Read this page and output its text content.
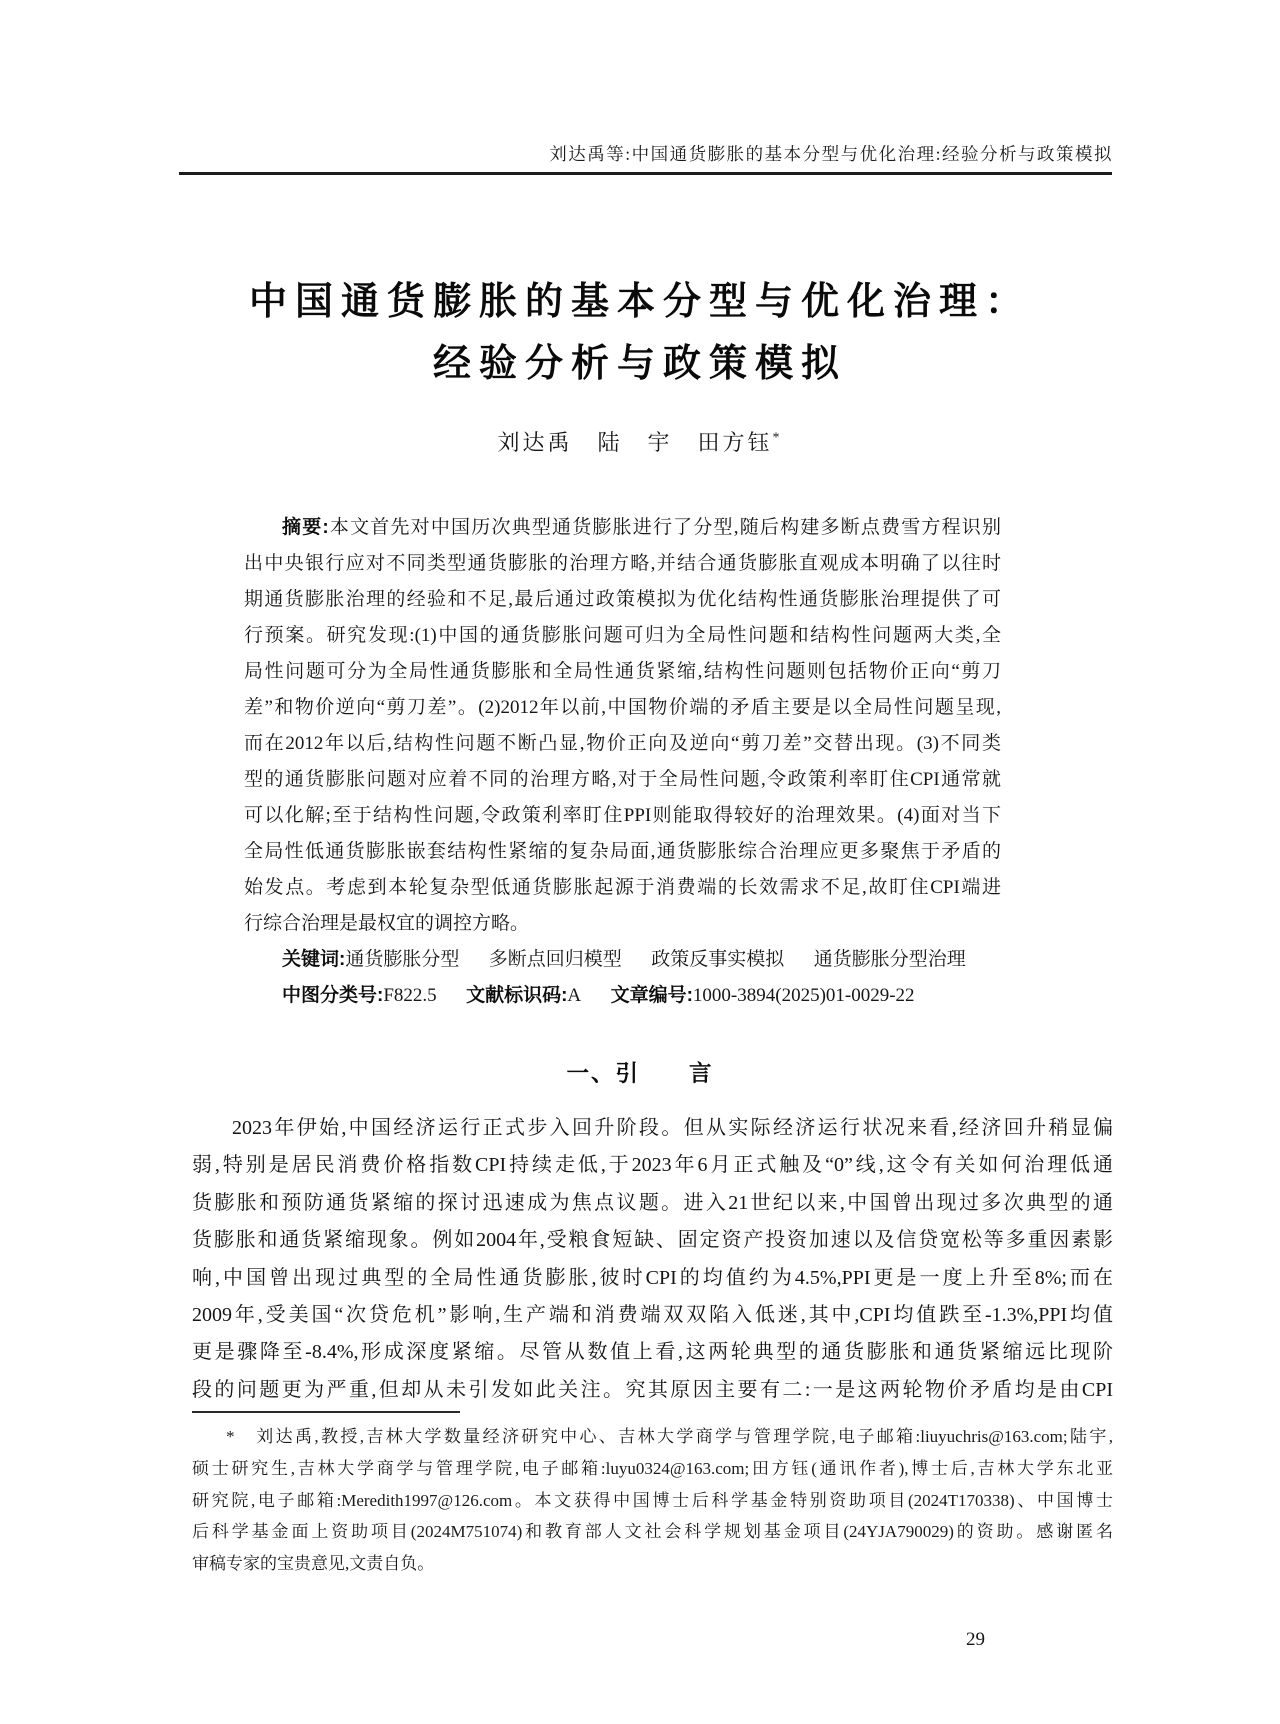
刘达禹等:中国通货膨胀的基本分型与优化治理:经验分析与政策模拟
中国通货膨胀的基本分型与优化治理：
经验分析与政策模拟
刘达禹　陆　宇　田方钰*
摘要:本文首先对中国历次典型通货膨胀进行了分型,随后构建多断点费雪方程识别
出中央银行应对不同类型通货膨胀的治理方略,并结合通货膨胀直观成本明确了以往时
期通货膨胀治理的经验和不足,最后通过政策模拟为优化结构性通货膨胀治理提供了可
行预案。研究发现:(1)中国的通货膨胀问题可归为全局性问题和结构性问题两大类,全
局性问题可分为全局性通货膨胀和全局性通货紧缩,结构性问题则包括物价正向“剪刀
差”和物价逆向“剪刀差”。(2)2012年以前,中国物价端的矛盾主要是以全局性问题呈现,
而在2012年以后,结构性问题不断凸显,物价正向及逆向“剪刀差”交替出现。(3)不同类
型的通货膨胀问题对应着不同的治理方略,对于全局性问题,令政策利率盯住CPI通常就
可以化解;至于结构性问题,令政策利率盯住PPI则能取得较好的治理效果。(4)面对当下
全局性低通货膨胀嵌套结构性紧缩的复杂局面,通货膨胀综合治理应更多聚焦于矛盾的
始发点。考虑到本轮复杂型低通货膨胀起源于消费端的长效需求不足,故盯住CPI端进
行综合治理是最权宜的调控方略。
关键词:通货膨胀分型 多断点回归模型 政策反事实模拟 通货膨胀分型治理
中图分类号:F822.5 文献标识码:A 文章编号:1000-3894(2025)01-0029-22
一、引　　言
2023年伊始,中国经济运行正式步入回升阶段。但从实际经济运行状况来看,经济回升稍显偏
弱,特别是居民消费价格指数CPI持续走低,于2023年6月正式触及“0”线,这令有关如何治理低通
货膨胀和预防通货紧缩的探讨迅速成为焦点议题。进入21世纪以来,中国曾出现过多次典型的通
货膨胀和通货紧缩现象。例如2004年,受粮食短缺、固定资产投资加速以及信贷宽松等多重因素影
响,中国曾出现过典型的全局性通货膨胀,彼时CPI的均值约为4.5%,PPI更是一度上升至8%;而在
2009年,受美国“次贷危机”影响,生产端和消费端双双陷入低迷,其中,CPI均值跌至-1.3%,PPI均值
更是骤降至-8.4%,形成深度紧缩。尽管从数值上看,这两轮典型的通货膨胀和通货紧缩远比现阶
段的问题更为严重,但却从未引发如此关注。究其原因主要有二:一是这两轮物价矛盾均是由CPI
*　刘达禹,教授,吉林大学数量经济研究中心、吉林大学商学与管理学院,电子邮箱:liuyuchris@163.com;陆宇,
硕士研究生,吉林大学商学与管理学院,电子邮箱:luyu0324@163.com;田方钰(通讯作者),博士后,吉林大学东北亚
研究院,电子邮箱:Meredith1997@126.com。本文获得中国博士后科学基金特别资助项目(2024T170338)、中国博士
后科学基金面上资助项目(2024M751074)和教育部人文社会科学规划基金项目(24YJA790029)的资助。感谢匿名
审稿专家的宝贵意见,文责自负。
29
